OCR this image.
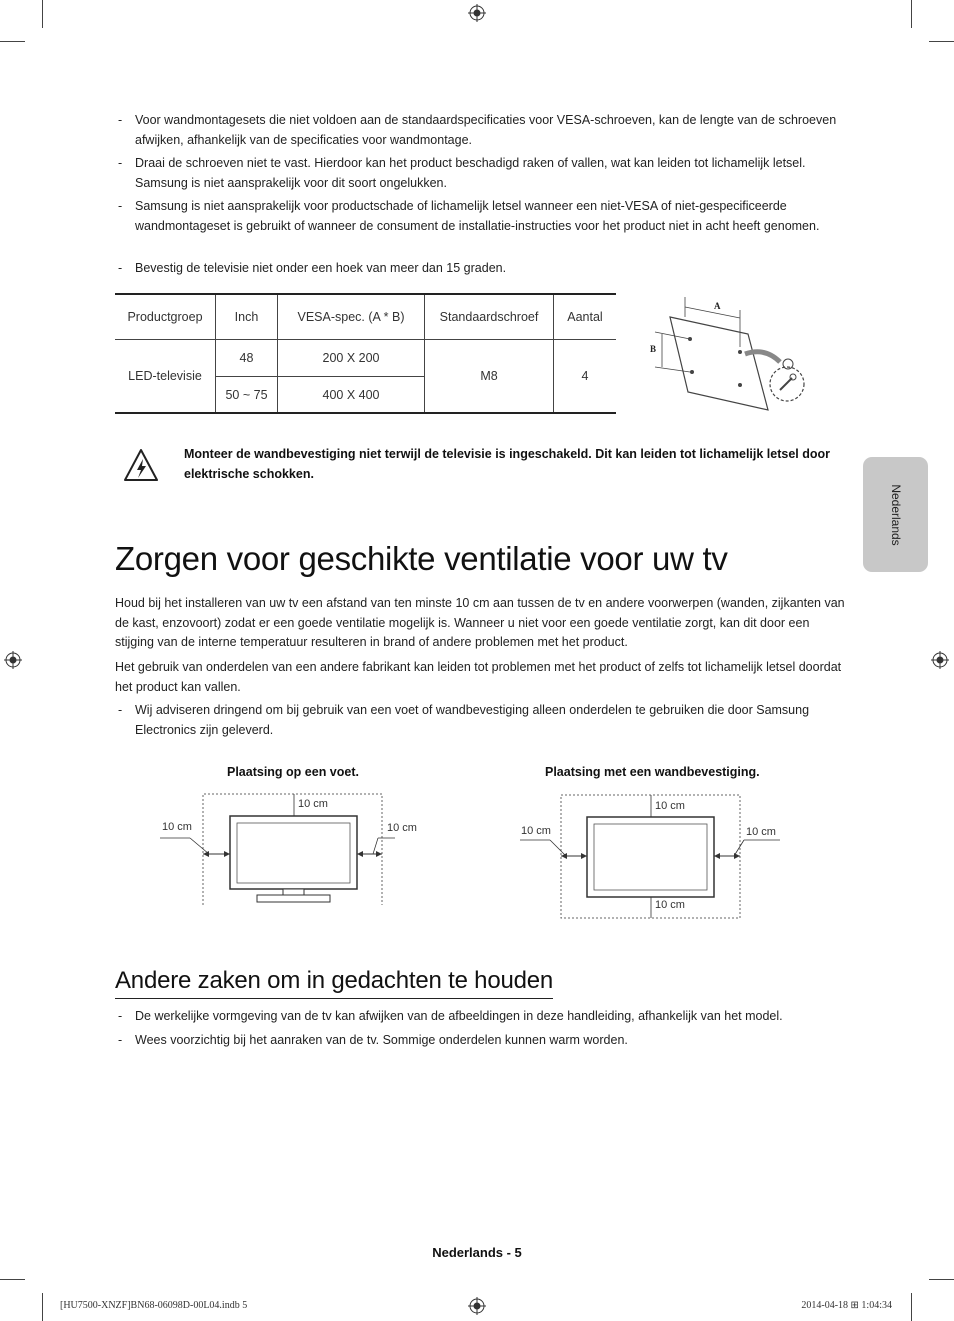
- Voor wandmontagesets die niet voldoen aan de standaardspecificaties voor VESA-schroeven, kan de lengte van de schroeven afwijken, afhankelijk van de specificaties voor wandmontage.
- Draai de schroeven niet te vast. Hierdoor kan het product beschadigd raken of vallen, wat kan leiden tot lichamelijk letsel. Samsung is niet aansprakelijk voor dit soort ongelukken.
- Samsung is niet aansprakelijk voor productschade of lichamelijk letsel wanneer een niet-VESA of niet-gespecificeerde wandmontageset is gebruikt of wanneer de consument de installatie-instructies voor het product niet in acht heeft genomen.
- Bevestig de televisie niet onder een hoek van meer dan 15 graden.
Productgroep	Inch	VESA-spec. (A * B)	Standaardschroef	Aantal
LED-televisie	48	200 X 200	M8	4
	50 ~ 75	400 X 400		
A
B
Monteer de wandbevestiging niet terwijl de televisie is ingeschakeld. Dit kan leiden tot lichamelijk letsel door elektrische schokken.
Nederlands
Zorgen voor geschikte ventilatie voor uw tv
Houd bij het installeren van uw tv een afstand van ten minste 10 cm aan tussen de tv en andere voorwerpen (wanden, zijkanten van de kast, enzovoort) zodat er een goede ventilatie mogelijk is. Wanneer u niet voor een goede ventilatie zorgt, kan dit door een stijging van de interne temperatuur resulteren in brand of andere problemen met het product.
Het gebruik van onderdelen van een andere fabrikant kan leiden tot problemen met het product of zelfs tot lichamelijk letsel doordat het product kan vallen.
- Wij adviseren dringend om bij gebruik van een voet of wandbevestiging alleen onderdelen te gebruiken die door Samsung Electronics zijn geleverd.
Plaatsing op een voet.	Plaatsing met een wandbevestiging.
10 cm
10 cm	10 cm
10 cm
10 cm	10 cm
10 cm
Andere zaken om in gedachten te houden
- De werkelijke vormgeving van de tv kan afwijken van de afbeeldingen in deze handleiding, afhankelijk van het model.
- Wees voorzichtig bij het aanraken van de tv. Sommige onderdelen kunnen warm worden.
Nederlands - 5
[HU7500-XNZF]BN68-06098D-00L04.indb 5	2014-04-18 ⊞ 1:04:34
